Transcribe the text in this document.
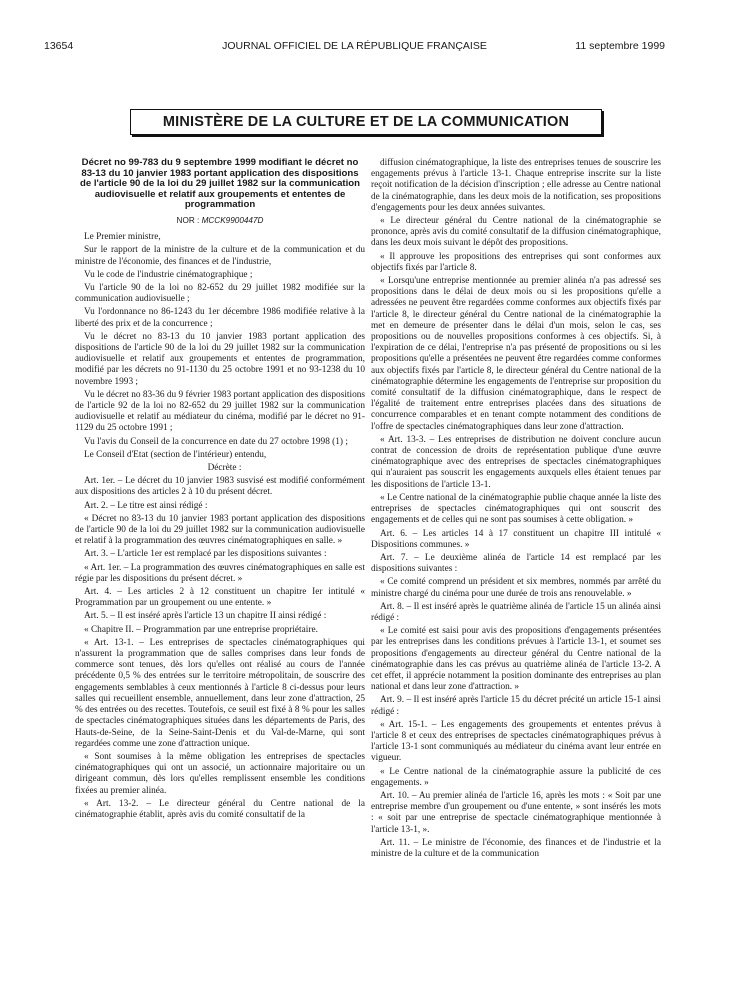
13654	JOURNAL OFFICIEL DE LA RÉPUBLIQUE FRANÇAISE	11 septembre 1999
MINISTÈRE DE LA CULTURE ET DE LA COMMUNICATION
Décret no 99-783 du 9 septembre 1999 modifiant le décret no 83-13 du 10 janvier 1983 portant application des dispositions de l'article 90 de la loi du 29 juillet 1982 sur la communication audiovisuelle et relatif aux groupements et ententes de programmation
NOR : MCCK9900447D

Le Premier ministre,

Sur le rapport de la ministre de la culture et de la communication et du ministre de l'économie, des finances et de l'industrie,

Vu le code de l'industrie cinématographique ;

Vu l'article 90 de la loi no 82-652 du 29 juillet 1982 modifiée sur la communication audiovisuelle ;

Vu l'ordonnance no 86-1243 du 1er décembre 1986 modifiée relative à la liberté des prix et de la concurrence ;

Vu le décret no 83-13 du 10 janvier 1983 portant application des dispositions de l'article 90 de la loi du 29 juillet 1982 sur la communication audiovisuelle et relatif aux groupements et ententes de programmation, modifié par les décrets no 91-1130 du 25 octobre 1991 et no 93-1238 du 10 novembre 1993 ;

Vu le décret no 83-36 du 9 février 1983 portant application des dispositions de l'article 92 de la loi no 82-652 du 29 juillet 1982 sur la communication audiovisuelle et relatif au médiateur du cinéma, modifié par le décret no 91-1129 du 25 octobre 1991 ;

Vu l'avis du Conseil de la concurrence en date du 27 octobre 1998 (1) ;

Le Conseil d'Etat (section de l'intérieur) entendu,

Décrète :

Art. 1er. – Le décret du 10 janvier 1983 susvisé est modifié conformément aux dispositions des articles 2 à 10 du présent décret.

Art. 2. – Le titre est ainsi rédigé :

« Décret no 83-13 du 10 janvier 1983 portant application des dispositions de l'article 90 de la loi du 29 juillet 1982 sur la communication audiovisuelle et relatif à la programmation des œuvres cinématographiques en salle. »

Art. 3. – L'article 1er est remplacé par les dispositions suivantes :

« Art. 1er. – La programmation des œuvres cinématographiques en salle est régie par les dispositions du présent décret. »

Art. 4. – Les articles 2 à 12 constituent un chapitre Ier intitulé « Programmation par un groupement ou une entente. »

Art. 5. – Il est inséré après l'article 13 un chapitre II ainsi rédigé :

« Chapitre II. – Programmation par une entreprise propriétaire.

« Art. 13-1. – Les entreprises de spectacles cinématographiques qui n'assurent la programmation que de salles comprises dans leur fonds de commerce sont tenues, dès lors qu'elles ont réalisé au cours de l'année précédente 0,5 % des entrées sur le territoire métropolitain, de souscrire des engagements semblables à ceux mentionnés à l'article 8 ci-dessus pour leurs salles qui recueillent ensemble, annuellement, dans leur zone d'attraction, 25 % des entrées ou des recettes. Toutefois, ce seuil est fixé à 8 % pour les salles de spectacles cinématographiques situées dans les départements de Paris, des Hauts-de-Seine, de la Seine-Saint-Denis et du Val-de-Marne, qui sont regardées comme une zone d'attraction unique.

« Sont soumises à la même obligation les entreprises de spectacles cinématographiques qui ont un associé, un actionnaire majoritaire ou un dirigeant commun, dès lors qu'elles remplissent ensemble les conditions fixées au premier alinéa.

« Art. 13-2. – Le directeur général du Centre national de la cinématographie établit, après avis du comité consultatif de la

diffusion cinématographique, la liste des entreprises tenues de souscrire les engagements prévus à l'article 13-1. Chaque entreprise inscrite sur la liste reçoit notification de la décision d'inscription ; elle adresse au Centre national de la cinématographie, dans les deux mois de la notification, ses propositions d'engagements pour les deux années suivantes.

« Le directeur général du Centre national de la cinématographie se prononce, après avis du comité consultatif de la diffusion cinématographique, dans les deux mois suivant le dépôt des propositions.

« Il approuve les propositions des entreprises qui sont conformes aux objectifs fixés par l'article 8.

« Lorsqu'une entreprise mentionnée au premier alinéa n'a pas adressé ses propositions dans le délai de deux mois ou si les propositions qu'elle a adressées ne peuvent être regardées comme conformes aux objectifs fixés par l'article 8, le directeur général du Centre national de la cinématographie la met en demeure de présenter dans le délai d'un mois, selon le cas, ses propositions ou de nouvelles propositions conformes à ces objectifs. Si, à l'expiration de ce délai, l'entreprise n'a pas présenté de propositions ou si les propositions qu'elle a présentées ne peuvent être regardées comme conformes aux objectifs fixés par l'article 8, le directeur général du Centre national de la cinématographie détermine les engagements de l'entreprise sur proposition du comité consultatif de la diffusion cinématographique, dans le respect de l'égalité de traitement entre entreprises placées dans des situations de concurrence comparables et en tenant compte notamment des conditions de l'offre de spectacles cinématographiques dans leur zone d'attraction.

« Art. 13-3. – Les entreprises de distribution ne doivent conclure aucun contrat de concession de droits de représentation publique d'une œuvre cinématographique avec des entreprises de spectacles cinématographiques qui n'auraient pas souscrit les engagements auxquels elles étaient tenues par les dispositions de l'article 13-1.

« Le Centre national de la cinématographie publie chaque année la liste des entreprises de spectacles cinématographiques qui ont souscrit des engagements et de celles qui ne sont pas soumises à cette obligation. »

Art. 6. – Les articles 14 à 17 constituent un chapitre III intitulé « Dispositions communes. »

Art. 7. – Le deuxième alinéa de l'article 14 est remplacé par les dispositions suivantes :

« Ce comité comprend un président et six membres, nommés par arrêté du ministre chargé du cinéma pour une durée de trois ans renouvelable. »

Art. 8. – Il est inséré après le quatrième alinéa de l'article 15 un alinéa ainsi rédigé :

« Le comité est saisi pour avis des propositions d'engagements présentées par les entreprises dans les conditions prévues à l'article 13-1, et soumet ses propositions d'engagements au directeur général du Centre national de la cinématographie dans les cas prévus au quatrième alinéa de l'article 13-2. A cet effet, il apprécie notamment la position dominante des entreprises au plan national et dans leur zone d'attraction. »

Art. 9. – Il est inséré après l'article 15 du décret précité un article 15-1 ainsi rédigé :

« Art. 15-1. – Les engagements des groupements et ententes prévus à l'article 8 et ceux des entreprises de spectacles cinématographiques prévus à l'article 13-1 sont communiqués au médiateur du cinéma avant leur entrée en vigueur.

« Le Centre national de la cinématographie assure la publicité de ces engagements. »

Art. 10. – Au premier alinéa de l'article 16, après les mots : « Soit par une entreprise membre d'un groupement ou d'une entente, » sont insérés les mots : « soit par une entreprise de spectacle cinématographique mentionnée à l'article 13-1, ».

Art. 11. – Le ministre de l'économie, des finances et de l'industrie et la ministre de la culture et de la communication
